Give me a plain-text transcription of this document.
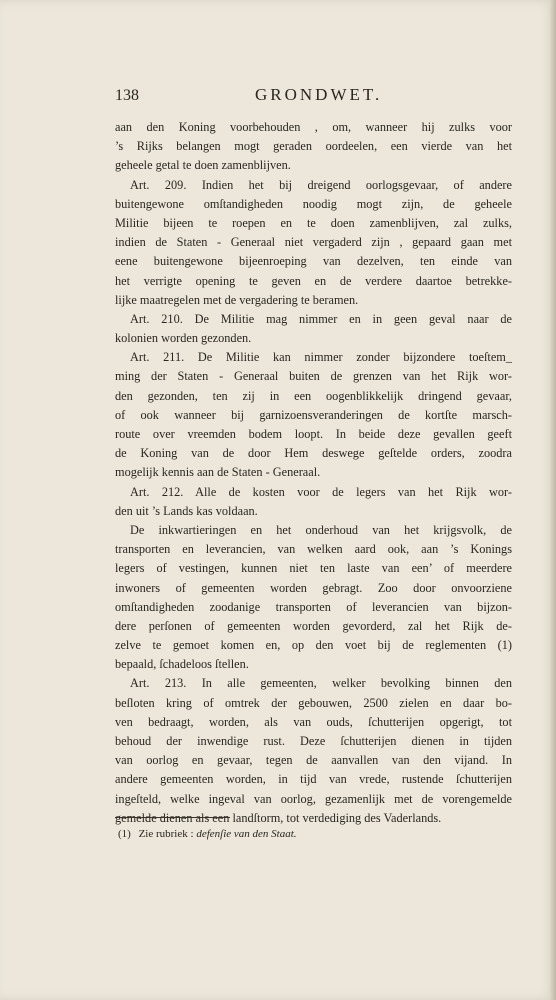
138	GRONDWET.
aan den Koning voorbehouden , om, wanneer hij zulks voor
’s Rijks belangen mogt geraden oordeelen, een vierde van het
geheele getal te doen zamenblijven.
Art. 209. Indien het bij dreigend oorlogsgevaar, of andere
buitengewone omſtandigheden noodig mogt zijn, de geheele
Militie bijeen te roepen en te doen zamenblijven, zal zulks,
indien de Staten - Generaal niet vergaderd zijn , gepaard gaan met
eene buitengewone bijeenroeping van dezelven, ten einde van
het verrigte opening te geven en de verdere daartoe betrekke-
lijke maatregelen met de vergadering te beramen.
Art. 210. De Militie mag nimmer en in geen geval naar de
kolonien worden gezonden.
Art. 211. De Militie kan nimmer zonder bijzondere toeſtem_
ming der Staten - Generaal buiten de grenzen van het Rijk wor-
den gezonden, ten zij in een oogenblikkelijk dringend gevaar,
of ook wanneer bij garnizoensveranderingen de kortſte marsch-
route over vreemden bodem loopt. In beide deze gevallen geeft
de Koning van de door Hem deswege geſtelde orders, zoodra
mogelijk kennis aan de Staten - Generaal.
Art. 212. Alle de kosten voor de legers van het Rijk wor-
den uit ’s Lands kas voldaan.
De inkwartieringen en het onderhoud van het krijgsvolk, de
transporten en leverancien, van welken aard ook, aan ’s Konings
legers of vestingen, kunnen niet ten laste van een’ of meerdere
inwoners of gemeenten worden gebragt. Zoo door onvoorziene
omſtandigheden zoodanige transporten of leverancien van bijzon-
dere perſonen of gemeenten worden gevorderd, zal het Rijk de-
zelve te gemoet komen en, op den voet bij de reglementen (1)
bepaald, ſchadeloos ſtellen.
Art. 213. In alle gemeenten, welker bevolking binnen den
beſloten kring of omtrek der gebouwen, 2500 zielen en daar bo-
ven bedraagt, worden, als van ouds, ſchutterijen opgerigt, tot
behoud der inwendige rust. Deze ſchutterijen dienen in tijden
van oorlog en gevaar, tegen de aanvallen van den vijand. In
andere gemeenten worden, in tijd van vrede, rustende ſchutterijen
ingeſteld, welke ingeval van oorlog, gezamenlijk met de vorengemelde
gemelde dienen als een landſtorm, tot verdediging des Vaderlands.
(1) Zie rubriek : defenſie van den Staat.
